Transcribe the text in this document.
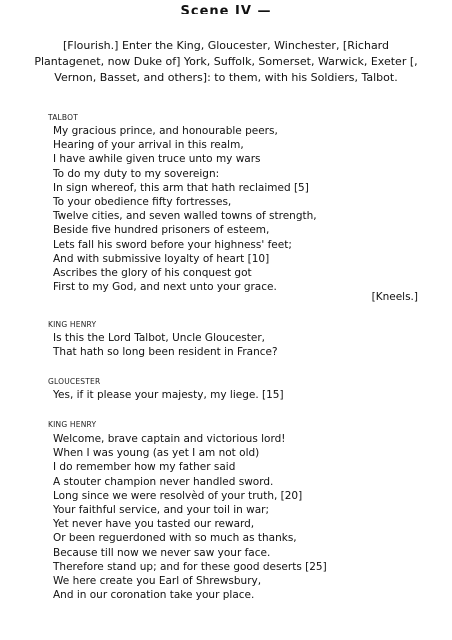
Scene IV —
[Flourish.] Enter the King, Gloucester, Winchester, [Richard Plantagenet, now Duke of] York, Suffolk, Somerset, Warwick, Exeter [, Vernon, Basset, and others]: to them, with his Soldiers, Talbot.
TALBOT
My gracious prince, and honourable peers,
Hearing of your arrival in this realm,
I have awhile given truce unto my wars
To do my duty to my sovereign:
In sign whereof, this arm that hath reclaimed [5]
To your obedience fifty fortresses,
Twelve cities, and seven walled towns of strength,
Beside five hundred prisoners of esteem,
Lets fall his sword before your highness' feet;
And with submissive loyalty of heart [10]
Ascribes the glory of his conquest got
First to my God, and next unto your grace.
[Kneels.]
KING HENRY
Is this the Lord Talbot, Uncle Gloucester,
That hath so long been resident in France?
GLOUCESTER
Yes, if it please your majesty, my liege. [15]
KING HENRY
Welcome, brave captain and victorious lord!
When I was young (as yet I am not old)
I do remember how my father said
A stouter champion never handled sword.
Long since we were resolvèd of your truth, [20]
Your faithful service, and your toil in war;
Yet never have you tasted our reward,
Or been reguerdoned with so much as thanks,
Because till now we never saw your face.
Therefore stand up; and for these good deserts [25]
We here create you Earl of Shrewsbury,
And in our coronation take your place.
